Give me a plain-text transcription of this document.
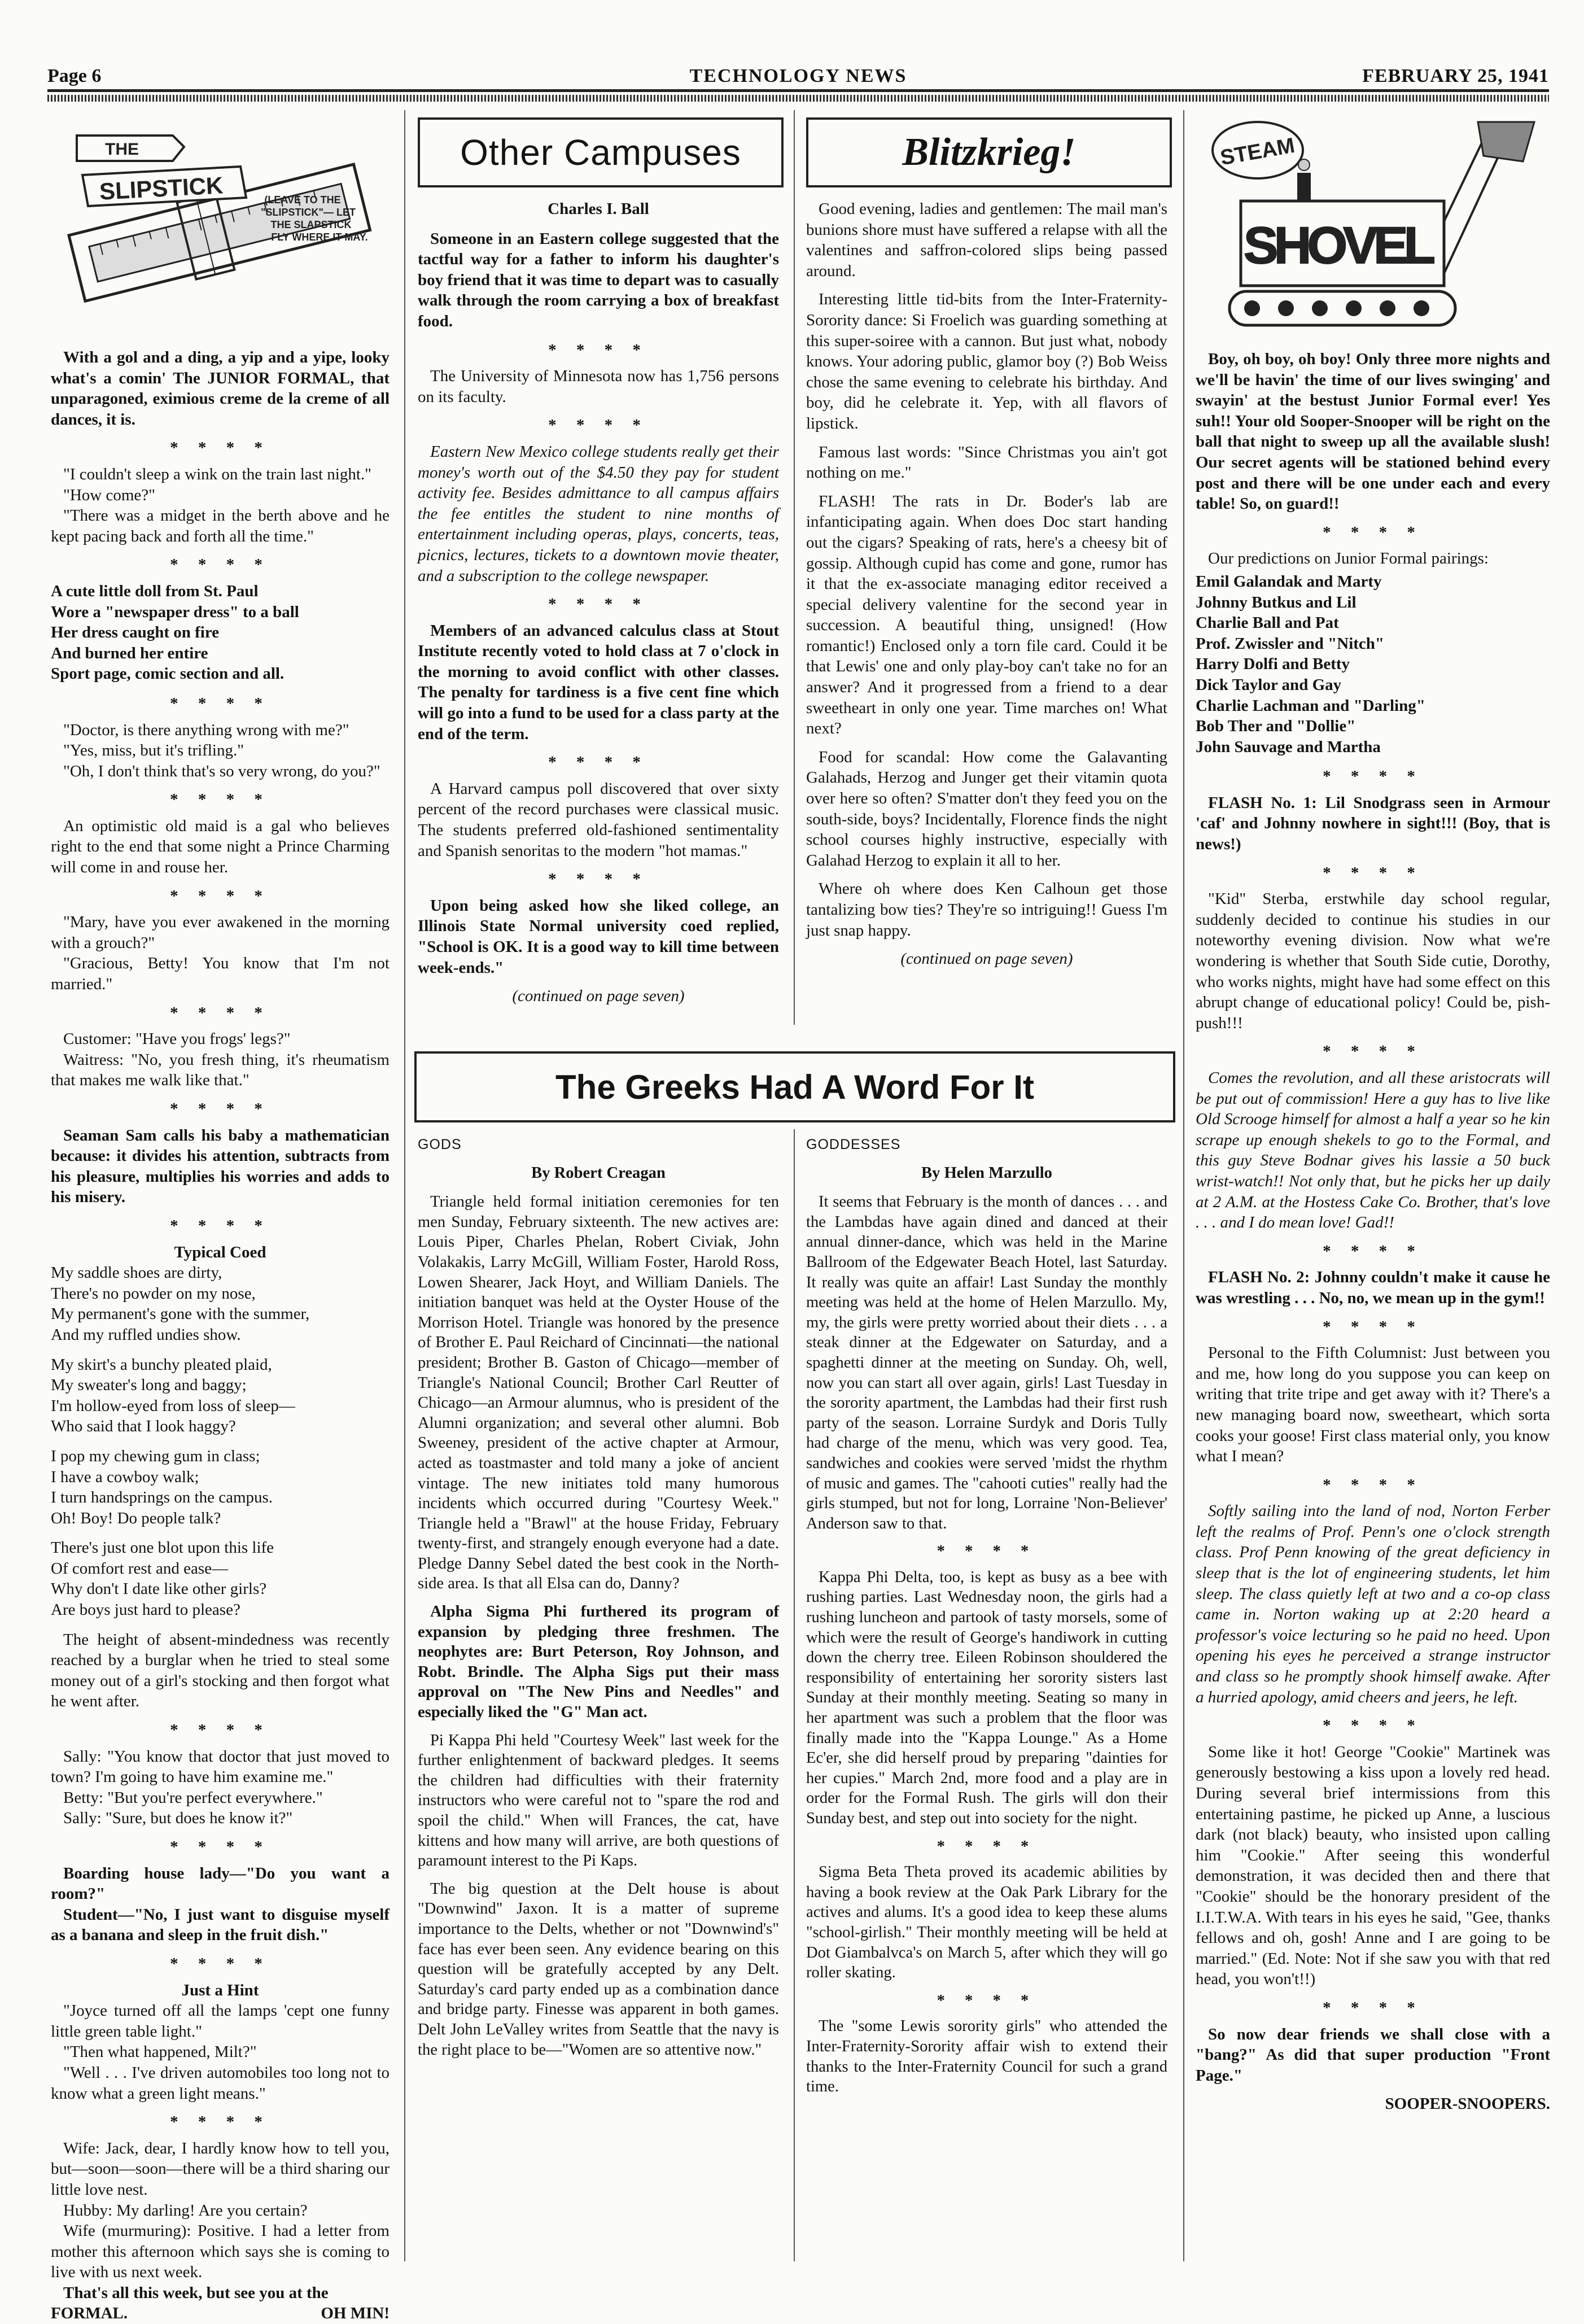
Page 6	TECHNOLOGY NEWS	FEBRUARY 25, 1941
THE
SLIPSTICK	(LEAVE TO THE
"SLIPSTICK"— LET
THE SLAPSTICK
FLY WHERE IT MAY.

With a gol and a ding, a yip and a yipe, looky what's a comin' The JUNIOR FORMAL, that unparagoned, eximious creme de la creme of all dances, it is.

* * * *

"I couldn't sleep a wink on the train last night."

"How come?"

"There was a midget in the berth above and he kept pacing back and forth all the time."

* * * *
A cute little doll from St. Paul
Wore a "newspaper dress" to a ball
Her dress caught on fire
And burned her entire
Sport page, comic section and all.
* * * *

"Doctor, is there anything wrong with me?"

"Yes, miss, but it's trifling."

"Oh, I don't think that's so very wrong, do you?"

* * * *

An optimistic old maid is a gal who believes right to the end that some night a Prince Charming will come in and rouse her.

* * * *

"Mary, have you ever awakened in the morning with a grouch?"

"Gracious, Betty! You know that I'm not married."

* * * *

Customer: "Have you frogs' legs?"

Waitress: "No, you fresh thing, it's rheumatism that makes me walk like that."

* * * *

Seaman Sam calls his baby a mathematician because: it divides his attention, subtracts from his pleasure, multiplies his worries and adds to his misery.

* * * *
Typical Coed
My saddle shoes are dirty,
There's no powder on my nose,
My permanent's gone with the summer,
And my ruffled undies show.
My skirt's a bunchy pleated plaid,
My sweater's long and baggy;
I'm hollow-eyed from loss of sleep—
Who said that I look haggy?
I pop my chewing gum in class;
I have a cowboy walk;
I turn handsprings on the campus.
Oh! Boy! Do people talk?
There's just one blot upon this life
Of comfort rest and ease—
Why don't I date like other girls?
Are boys just hard to please?

The height of absent-mindedness was recently reached by a burglar when he tried to steal some money out of a girl's stocking and then forgot what he went after.

* * * *

Sally: "You know that doctor that just moved to town? I'm going to have him examine me."

Betty: "But you're perfect everywhere."

Sally: "Sure, but does he know it?"

* * * *

Boarding house lady—"Do you want a room?"

Student—"No, I just want to disguise myself as a banana and sleep in the fruit dish."

* * * *
Just a Hint

"Joyce turned off all the lamps 'cept one funny little green table light."

"Then what happened, Milt?"

"Well . . . I've driven automobiles too long not to know what a green light means."

* * * *

Wife: Jack, dear, I hardly know how to tell you, but—soon—soon—there will be a third sharing our little love nest.

Hubby: My darling! Are you certain?

Wife (murmuring): Positive. I had a letter from mother this afternoon which says she is coming to live with us next week.

That's all this week, but see you at the

FORMAL.	OH MIN!
Other Campuses
Charles I. Ball

Someone in an Eastern college suggested that the tactful way for a father to inform his daughter's boy friend that it was time to depart was to casually walk through the room carrying a box of breakfast food.

* * * *

The University of Minnesota now has 1,756 persons on its faculty.

* * * *

Eastern New Mexico college students really get their money's worth out of the $4.50 they pay for student activity fee. Besides admittance to all campus affairs the fee entitles the student to nine months of entertainment including operas, plays, concerts, teas, picnics, lectures, tickets to a downtown movie theater, and a subscription to the college newspaper.

* * * *

Members of an advanced calculus class at Stout Institute recently voted to hold class at 7 o'clock in the morning to avoid conflict with other classes. The penalty for tardiness is a five cent fine which will go into a fund to be used for a class party at the end of the term.

* * * *

A Harvard campus poll discovered that over sixty percent of the record purchases were classical music. The students preferred old-fashioned sentimentality and Spanish senoritas to the modern "hot mamas."

* * * *

Upon being asked how she liked college, an Illinois State Normal university coed replied, "School is OK. It is a good way to kill time between week-ends."

(continued on page seven)
Blitzkrieg!

Good evening, ladies and gentlemen: The mail man's bunions shore must have suffered a relapse with all the valentines and saffron-colored slips being passed around.

Interesting little tid-bits from the Inter-Fraternity-Sorority dance: Si Froelich was guarding something at this super-soiree with a cannon. But just what, nobody knows. Your adoring public, glamor boy (?) Bob Weiss chose the same evening to celebrate his birthday. And boy, did he celebrate it. Yep, with all flavors of lipstick.

Famous last words: "Since Christmas you ain't got nothing on me."

FLASH! The rats in Dr. Boder's lab are infanticipating again. When does Doc start handing out the cigars? Speaking of rats, here's a cheesy bit of gossip. Although cupid has come and gone, rumor has it that the ex-associate managing editor received a special delivery valentine for the second year in succession. A beautiful thing, unsigned! (How romantic!) Enclosed only a torn file card. Could it be that Lewis' one and only play-boy can't take no for an answer? And it progressed from a friend to a dear sweetheart in only one year. Time marches on! What next?

Food for scandal: How come the Galavanting Galahads, Herzog and Junger get their vitamin quota over here so often? S'matter don't they feed you on the south-side, boys? Incidentally, Florence finds the night school courses highly instructive, especially with Galahad Herzog to explain it all to her.

Where oh where does Ken Calhoun get those tantalizing bow ties? They're so intriguing!! Guess I'm just snap happy.

(continued on page seven)
STEAM
SHOVEL

Boy, oh boy, oh boy! Only three more nights and we'll be havin' the time of our lives swinging' and swayin' at the bestust Junior Formal ever! Yes suh!! Your old Sooper-Snooper will be right on the ball that night to sweep up all the available slush! Our secret agents will be stationed behind every post and there will be one under each and every table! So, on guard!!

* * * *

Our predictions on Junior Formal pairings:

Emil Galandak and Marty
Johnny Butkus and Lil
Charlie Ball and Pat
Prof. Zwissler and "Nitch"
Harry Dolfi and Betty
Dick Taylor and Gay
Charlie Lachman and "Darling"
Bob Ther and "Dollie"
John Sauvage and Martha
* * * *

FLASH No. 1: Lil Snodgrass seen in Armour 'caf' and Johnny nowhere in sight!!! (Boy, that is news!)

* * * *

"Kid" Sterba, erstwhile day school regular, suddenly decided to continue his studies in our noteworthy evening division. Now what we're wondering is whether that South Side cutie, Dorothy, who works nights, might have had some effect on this abrupt change of educational policy! Could be, pish-push!!!

* * * *

Comes the revolution, and all these aristocrats will be put out of commission! Here a guy has to live like Old Scrooge himself for almost a half a year so he kin scrape up enough shekels to go to the Formal, and this guy Steve Bodnar gives his lassie a 50 buck wrist-watch!! Not only that, but he picks her up daily at 2 A.M. at the Hostess Cake Co. Brother, that's love . . . and I do mean love! Gad!!

* * * *

FLASH No. 2: Johnny couldn't make it cause he was wrestling . . . No, no, we mean up in the gym!!

* * * *

Personal to the Fifth Columnist: Just between you and me, how long do you suppose you can keep on writing that trite tripe and get away with it? There's a new managing board now, sweetheart, which sorta cooks your goose! First class material only, you know what I mean?

* * * *

Softly sailing into the land of nod, Norton Ferber left the realms of Prof. Penn's one o'clock strength class. Prof Penn knowing of the great deficiency in sleep that is the lot of engineering students, let him sleep. The class quietly left at two and a co-op class came in. Norton waking up at 2:20 heard a professor's voice lecturing so he paid no heed. Upon opening his eyes he perceived a strange instructor and class so he promptly shook himself awake. After a hurried apology, amid cheers and jeers, he left.

* * * *

Some like it hot! George "Cookie" Martinek was generously bestowing a kiss upon a lovely red head. During several brief intermissions from this entertaining pastime, he picked up Anne, a luscious dark (not black) beauty, who insisted upon calling him "Cookie." After seeing this wonderful demonstration, it was decided then and there that "Cookie" should be the honorary president of the I.I.T.W.A. With tears in his eyes he said, "Gee, thanks fellows and oh, gosh! Anne and I are going to be married." (Ed. Note: Not if she saw you with that red head, you won't!!)

* * * *

So now dear friends we shall close with a "bang?" As did that super production "Front Page."

SOOPER-SNOOPERS.
The Greeks Had A Word For It
GODS
By Robert Creagan

Triangle held formal initiation ceremonies for ten men Sunday, February sixteenth. The new actives are: Louis Piper, Charles Phelan, Robert Civiak, John Volakakis, Larry McGill, William Foster, Harold Ross, Lowen Shearer, Jack Hoyt, and William Daniels. The initiation banquet was held at the Oyster House of the Morrison Hotel. Triangle was honored by the presence of Brother E. Paul Reichard of Cincinnati—the national president; Brother B. Gaston of Chicago—member of Triangle's National Council; Brother Carl Reutter of Chicago—an Armour alumnus, who is president of the Alumni organization; and several other alumni. Bob Sweeney, president of the active chapter at Armour, acted as toastmaster and told many a joke of ancient vintage. The new initiates told many humorous incidents which occurred during "Courtesy Week." Triangle held a "Brawl" at the house Friday, February twenty-first, and strangely enough everyone had a date. Pledge Danny Sebel dated the best cook in the North-side area. Is that all Elsa can do, Danny?

Alpha Sigma Phi furthered its program of expansion by pledging three freshmen. The neophytes are: Burt Peterson, Roy Johnson, and Robt. Brindle. The Alpha Sigs put their mass approval on "The New Pins and Needles" and especially liked the "G" Man act.

Pi Kappa Phi held "Courtesy Week" last week for the further enlightenment of backward pledges. It seems the children had difficulties with their fraternity instructors who were careful not to "spare the rod and spoil the child." When will Frances, the cat, have kittens and how many will arrive, are both questions of paramount interest to the Pi Kaps.

The big question at the Delt house is about "Downwind" Jaxon. It is a matter of supreme importance to the Delts, whether or not "Downwind's" face has ever been seen. Any evidence bearing on this question will be gratefully accepted by any Delt. Saturday's card party ended up as a combination dance and bridge party. Finesse was apparent in both games. Delt John LeValley writes from Seattle that the navy is the right place to be—"Women are so attentive now."

GODDESSES
By Helen Marzullo

It seems that February is the month of dances . . . and the Lambdas have again dined and danced at their annual dinner-dance, which was held in the Marine Ballroom of the Edgewater Beach Hotel, last Saturday. It really was quite an affair! Last Sunday the monthly meeting was held at the home of Helen Marzullo. My, my, the girls were pretty worried about their diets . . . a steak dinner at the Edgewater on Saturday, and a spaghetti dinner at the meeting on Sunday. Oh, well, now you can start all over again, girls! Last Tuesday in the sorority apartment, the Lambdas had their first rush party of the season. Lorraine Surdyk and Doris Tully had charge of the menu, which was very good. Tea, sandwiches and cookies were served 'midst the rhythm of music and games. The "cahooti cuties" really had the girls stumped, but not for long, Lorraine 'Non-Believer' Anderson saw to that.

* * * *

Kappa Phi Delta, too, is kept as busy as a bee with rushing parties. Last Wednesday noon, the girls had a rushing luncheon and partook of tasty morsels, some of which were the result of George's handiwork in cutting down the cherry tree. Eileen Robinson shouldered the responsibility of entertaining her sorority sisters last Sunday at their monthly meeting. Seating so many in her apartment was such a problem that the floor was finally made into the "Kappa Lounge." As a Home Ec'er, she did herself proud by preparing "dainties for her cupies." March 2nd, more food and a play are in order for the Formal Rush. The girls will don their Sunday best, and step out into society for the night.

* * * *

Sigma Beta Theta proved its academic abilities by having a book review at the Oak Park Library for the actives and alums. It's a good idea to keep these alums "school-girlish." Their monthly meeting will be held at Dot Giambalvca's on March 5, after which they will go roller skating.

* * * *

The "some Lewis sorority girls" who attended the Inter-Fraternity-Sorority affair wish to extend their thanks to the Inter-Fraternity Council for such a grand time.
